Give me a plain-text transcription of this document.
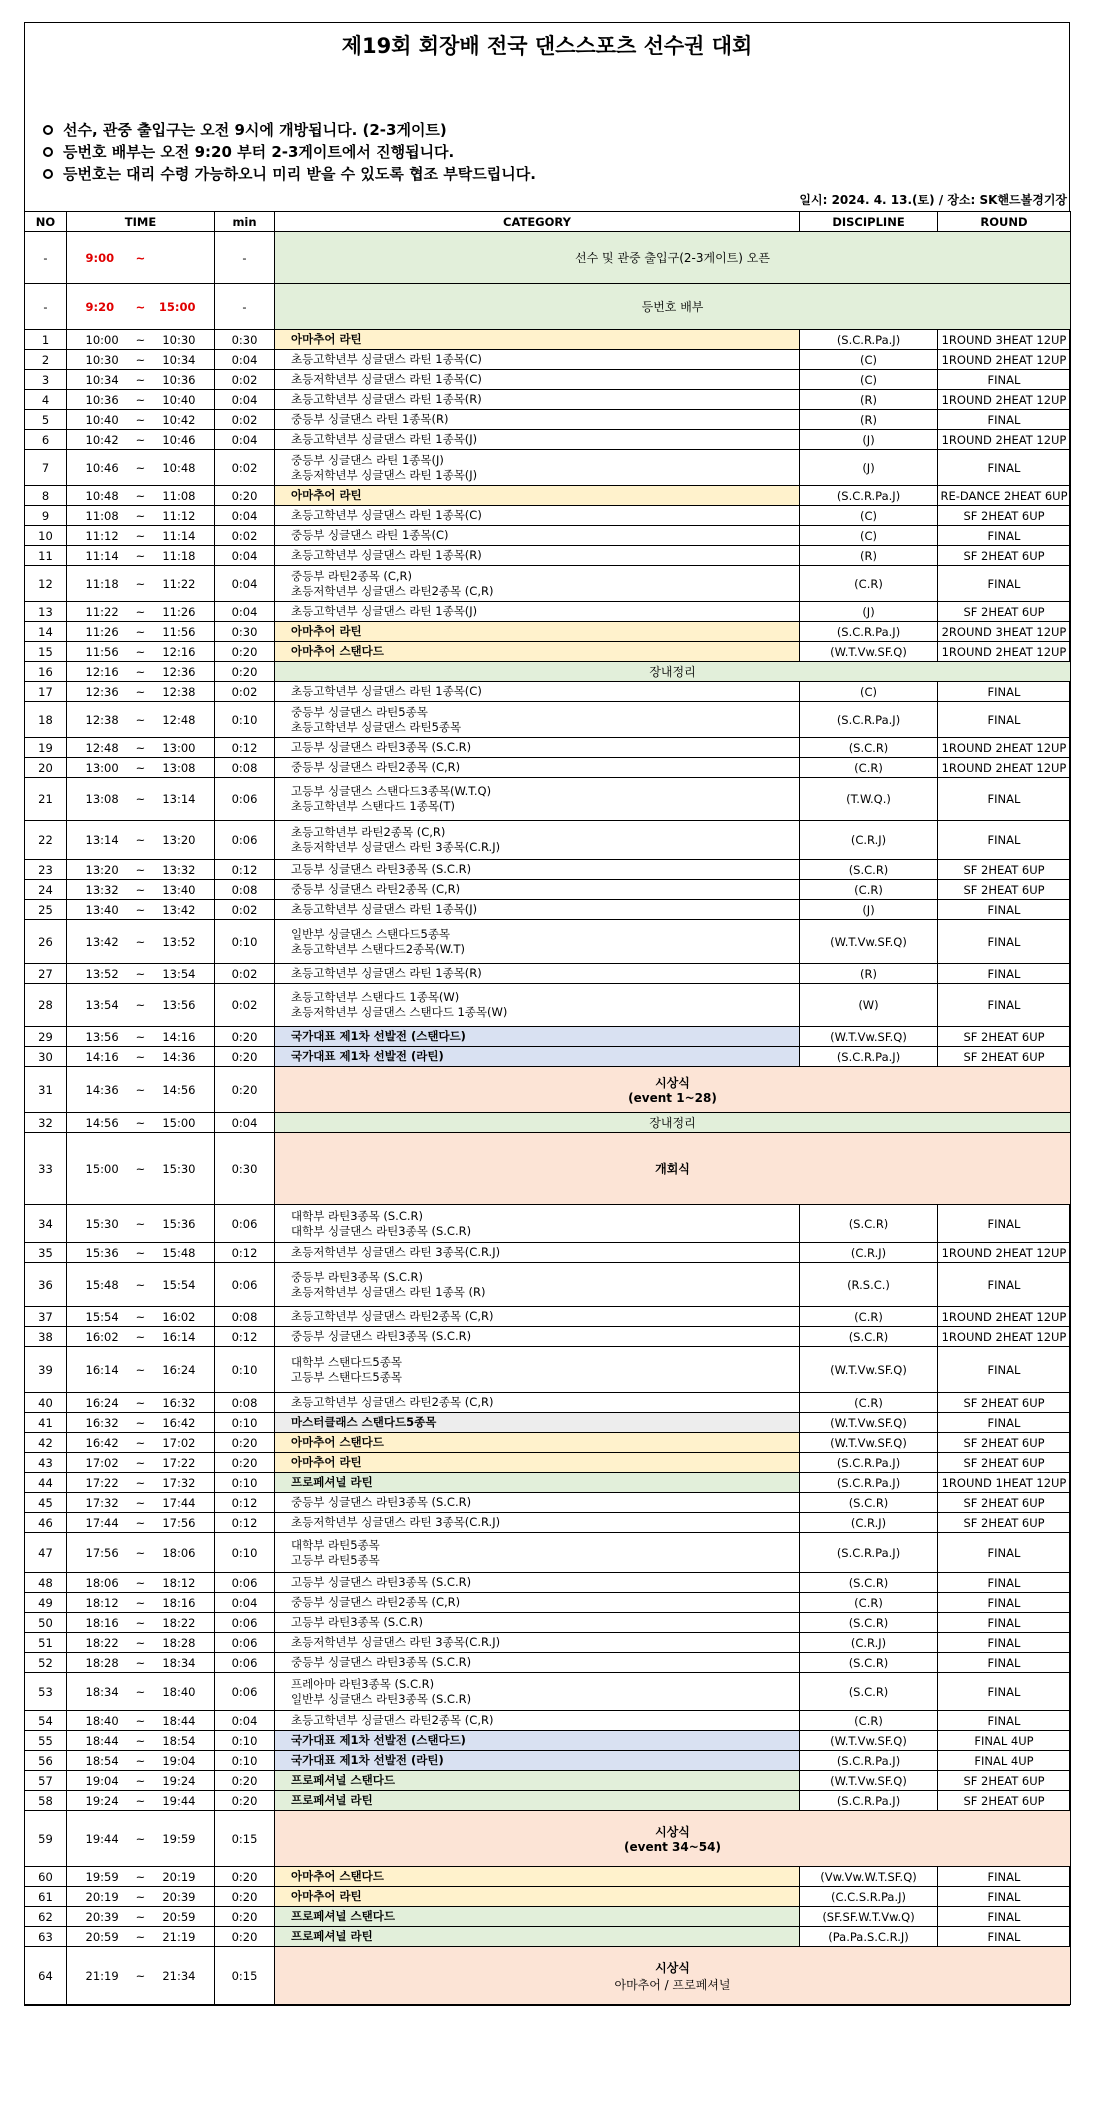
제19회 회장배 전국 댄스스포츠 선수권 대회
선수, 관중 출입구는 오전 9시에 개방됩니다. (2-3게이트)
등번호 배부는 오전 9:20 부터 2-3게이트에서 진행됩니다.
등번호는 대리 수령 가능하오니 미리 받을 수 있도록 협조 부탁드립니다.
일시: 2024. 4. 13.(토) / 장소: SK핸드볼경기장
NO	TIME	min	CATEGORY	DISCIPLINE	ROUND
-	9:00 ~	-	선수 및 관중 출입구(2-3게이트) 오픈		

-	9:20 ~ 15:00	-	등번호 배부		

1	10:00 ~ 10:30	0:30	아마추어 라틴	(S.C.R.Pa.J)	1ROUND 3HEAT 12UP
2	10:30 ~ 10:34	0:04	초등고학년부 싱글댄스 라틴 1종목(C)	(C)	1ROUND 2HEAT 12UP
3	10:34 ~ 10:36	0:02	초등저학년부 싱글댄스 라틴 1종목(C)	(C)	FINAL
4	10:36 ~ 10:40	0:04	초등고학년부 싱글댄스 라틴 1종목(R)	(R)	1ROUND 2HEAT 12UP
5	10:40 ~ 10:42	0:02	중등부 싱글댄스 라틴 1종목(R)	(R)	FINAL
6	10:42 ~ 10:46	0:04	초등고학년부 싱글댄스 라틴 1종목(J)	(J)	1ROUND 2HEAT 12UP
7	10:46 ~ 10:48	0:02	중등부 싱글댄스 라틴 1종목(J)
초등저학년부 싱글댄스 라틴 1종목(J)	(J)	FINAL
8	10:48 ~ 11:08	0:20	아마추어 라틴	(S.C.R.Pa.J)	RE-DANCE 2HEAT 6UP
9	11:08 ~ 11:12	0:04	초등고학년부 싱글댄스 라틴 1종목(C)	(C)	SF 2HEAT 6UP
10	11:12 ~ 11:14	0:02	중등부 싱글댄스 라틴 1종목(C)	(C)	FINAL
11	11:14 ~ 11:18	0:04	초등고학년부 싱글댄스 라틴 1종목(R)	(R)	SF 2HEAT 6UP
12	11:18 ~ 11:22	0:04	중등부 라틴2종목 (C,R)
초등저학년부 싱글댄스 라틴2종목 (C,R)	(C.R)	FINAL
13	11:22 ~ 11:26	0:04	초등고학년부 싱글댄스 라틴 1종목(J)	(J)	SF 2HEAT 6UP
14	11:26 ~ 11:56	0:30	아마추어 라틴	(S.C.R.Pa.J)	2ROUND 3HEAT 12UP
15	11:56 ~ 12:16	0:20	아마추어 스탠다드	(W.T.Vw.SF.Q)	1ROUND 2HEAT 12UP
16	12:16 ~ 12:36	0:20	장내정리		

17	12:36 ~ 12:38	0:02	초등고학년부 싱글댄스 라틴 1종목(C)	(C)	FINAL
18	12:38 ~ 12:48	0:10	중등부 싱글댄스 라틴5종목
초등고학년부 싱글댄스 라틴5종목	(S.C.R.Pa.J)	FINAL
19	12:48 ~ 13:00	0:12	고등부 싱글댄스 라틴3종목 (S.C.R)	(S.C.R)	1ROUND 2HEAT 12UP
20	13:00 ~ 13:08	0:08	중등부 싱글댄스 라틴2종목 (C,R)	(C.R)	1ROUND 2HEAT 12UP
21	13:08 ~ 13:14	0:06	고등부 싱글댄스 스탠다드3종목(W.T.Q)
초등고학년부 스탠다드 1종목(T)	(T.W.Q.)	FINAL
22	13:14 ~ 13:20	0:06	초등고학년부 라틴2종목 (C,R)
초등저학년부 싱글댄스 라틴 3종목(C.R.J)	(C.R.J)	FINAL
23	13:20 ~ 13:32	0:12	고등부 싱글댄스 라틴3종목 (S.C.R)	(S.C.R)	SF 2HEAT 6UP
24	13:32 ~ 13:40	0:08	중등부 싱글댄스 라틴2종목 (C,R)	(C.R)	SF 2HEAT 6UP
25	13:40 ~ 13:42	0:02	초등고학년부 싱글댄스 라틴 1종목(J)	(J)	FINAL
26	13:42 ~ 13:52	0:10	일반부 싱글댄스 스탠다드5종목
초등고학년부 스탠다드2종목(W.T)	(W.T.Vw.SF.Q)	FINAL
27	13:52 ~ 13:54	0:02	초등고학년부 싱글댄스 라틴 1종목(R)	(R)	FINAL
28	13:54 ~ 13:56	0:02	초등고학년부 스탠다드 1종목(W)
초등저학년부 싱글댄스 스탠다드 1종목(W)	(W)	FINAL
29	13:56 ~ 14:16	0:20	국가대표 제1차 선발전 (스탠다드)	(W.T.Vw.SF.Q)	SF 2HEAT 6UP
30	14:16 ~ 14:36	0:20	국가대표 제1차 선발전 (라틴)	(S.C.R.Pa.J)	SF 2HEAT 6UP
31	14:36 ~ 14:56	0:20	시상식
(event 1~28)		

32	14:56 ~ 15:00	0:04	장내정리		

33	15:00 ~ 15:30	0:30	개회식		

34	15:30 ~ 15:36	0:06	대학부 라틴3종목 (S.C.R)
대학부 싱글댄스 라틴3종목 (S.C.R)	(S.C.R)	FINAL
35	15:36 ~ 15:48	0:12	초등저학년부 싱글댄스 라틴 3종목(C.R.J)	(C.R.J)	1ROUND 2HEAT 12UP
36	15:48 ~ 15:54	0:06	중등부 라틴3종목 (S.C.R)
초등저학년부 싱글댄스 라틴 1종목 (R)	(R.S.C.)	FINAL
37	15:54 ~ 16:02	0:08	초등고학년부 싱글댄스 라틴2종목 (C,R)	(C.R)	1ROUND 2HEAT 12UP
38	16:02 ~ 16:14	0:12	중등부 싱글댄스 라틴3종목 (S.C.R)	(S.C.R)	1ROUND 2HEAT 12UP
39	16:14 ~ 16:24	0:10	대학부 스탠다드5종목
고등부 스탠다드5종목	(W.T.Vw.SF.Q)	FINAL
40	16:24 ~ 16:32	0:08	초등고학년부 싱글댄스 라틴2종목 (C,R)	(C.R)	SF 2HEAT 6UP
41	16:32 ~ 16:42	0:10	마스터클래스 스탠다드5종목	(W.T.Vw.SF.Q)	FINAL
42	16:42 ~ 17:02	0:20	아마추어 스탠다드	(W.T.Vw.SF.Q)	SF 2HEAT 6UP
43	17:02 ~ 17:22	0:20	아마추어 라틴	(S.C.R.Pa.J)	SF 2HEAT 6UP
44	17:22 ~ 17:32	0:10	프로페셔널 라틴	(S.C.R.Pa.J)	1ROUND 1HEAT 12UP
45	17:32 ~ 17:44	0:12	중등부 싱글댄스 라틴3종목 (S.C.R)	(S.C.R)	SF 2HEAT 6UP
46	17:44 ~ 17:56	0:12	초등저학년부 싱글댄스 라틴 3종목(C.R.J)	(C.R.J)	SF 2HEAT 6UP
47	17:56 ~ 18:06	0:10	대학부 라틴5종목
고등부 라틴5종목	(S.C.R.Pa.J)	FINAL
48	18:06 ~ 18:12	0:06	고등부 싱글댄스 라틴3종목 (S.C.R)	(S.C.R)	FINAL
49	18:12 ~ 18:16	0:04	중등부 싱글댄스 라틴2종목 (C,R)	(C.R)	FINAL
50	18:16 ~ 18:22	0:06	고등부 라틴3종목 (S.C.R)	(S.C.R)	FINAL
51	18:22 ~ 18:28	0:06	초등저학년부 싱글댄스 라틴 3종목(C.R.J)	(C.R.J)	FINAL
52	18:28 ~ 18:34	0:06	중등부 싱글댄스 라틴3종목 (S.C.R)	(S.C.R)	FINAL
53	18:34 ~ 18:40	0:06	프레아마 라틴3종목 (S.C.R)
일반부 싱글댄스 라틴3종목 (S.C.R)	(S.C.R)	FINAL
54	18:40 ~ 18:44	0:04	초등고학년부 싱글댄스 라틴2종목 (C,R)	(C.R)	FINAL
55	18:44 ~ 18:54	0:10	국가대표 제1차 선발전 (스탠다드)	(W.T.Vw.SF.Q)	FINAL 4UP
56	18:54 ~ 19:04	0:10	국가대표 제1차 선발전 (라틴)	(S.C.R.Pa.J)	FINAL 4UP
57	19:04 ~ 19:24	0:20	프로페셔널 스탠다드	(W.T.Vw.SF.Q)	SF 2HEAT 6UP
58	19:24 ~ 19:44	0:20	프로페셔널 라틴	(S.C.R.Pa.J)	SF 2HEAT 6UP
59	19:44 ~ 19:59	0:15	시상식
(event 34~54)		

60	19:59 ~ 20:19	0:20	아마추어 스탠다드	(Vw.Vw.W.T.SF.Q)	FINAL
61	20:19 ~ 20:39	0:20	아마추어 라틴	(C.C.S.R.Pa.J)	FINAL
62	20:39 ~ 20:59	0:20	프로페셔널 스탠다드	(SF.SF.W.T.Vw.Q)	FINAL
63	20:59 ~ 21:19	0:20	프로페셔널 라틴	(Pa.Pa.S.C.R.J)	FINAL
64	21:19 ~ 21:34	0:15	시상식
아마추어 / 프로페셔널		
